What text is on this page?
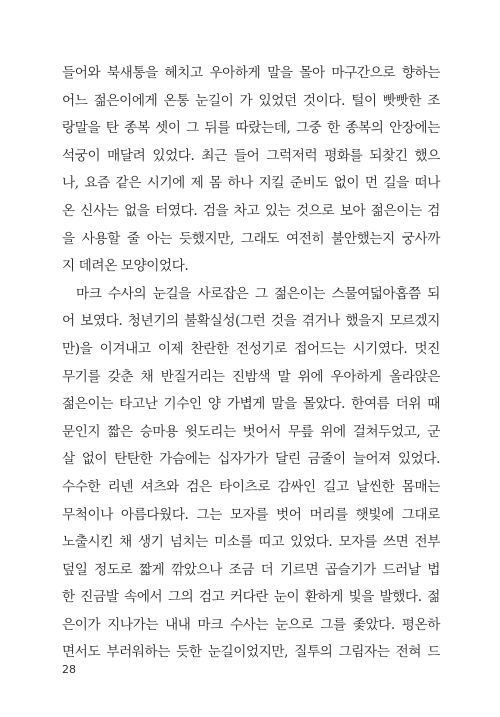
들어와 북새통을 헤치고 우아하게 말을 몰아 마구간으로 향하는
어느 젊은이에게 온통 눈길이 가 있었던 것이다. 털이 빳빳한 조
랑말을 탄 종복 셋이 그 뒤를 따랐는데, 그중 한 종복의 안장에는
석궁이 매달려 있었다. 최근 들어 그럭저럭 평화를 되찾긴 했으
나, 요즘 같은 시기에 제 몸 하나 지킬 준비도 없이 먼 길을 떠나
온 신사는 없을 터였다. 검을 차고 있는 것으로 보아 젊은이는 검
을 사용할 줄 아는 듯했지만, 그래도 여전히 불안했는지 궁사까
지 데려온 모양이었다.
마크 수사의 눈길을 사로잡은 그 젊은이는 스물여덟아홉쯤 되
어 보였다. 청년기의 불확실성(그런 것을 겪거나 했을지 모르겠지
만)을 이겨내고 이제 찬란한 전성기로 접어드는 시기였다. 멋진
무기를 갖춘 채 반질거리는 진밤색 말 위에 우아하게 올라앉은
젊은이는 타고난 기수인 양 가볍게 말을 몰았다. 한여름 더위 때
문인지 짧은 승마용 윗도리는 벗어서 무릎 위에 걸쳐두었고, 군
살 없이 탄탄한 가슴에는 십자가가 달린 금줄이 늘어져 있었다.
수수한 리넨 셔츠와 검은 타이츠로 감싸인 길고 날씬한 몸매는
무척이나 아름다웠다. 그는 모자를 벗어 머리를 햇빛에 그대로
노출시킨 채 생기 넘치는 미소를 띠고 있었다. 모자를 쓰면 전부
덮일 정도로 짧게 깎았으나 조금 더 기르면 곱슬기가 드러날 법
한 진금발 속에서 그의 검고 커다란 눈이 환하게 빛을 발했다. 젊
은이가 지나가는 내내 마크 수사는 눈으로 그를 좇았다. 평온하
면서도 부러워하는 듯한 눈길이었지만, 질투의 그림자는 전혀 드
28
